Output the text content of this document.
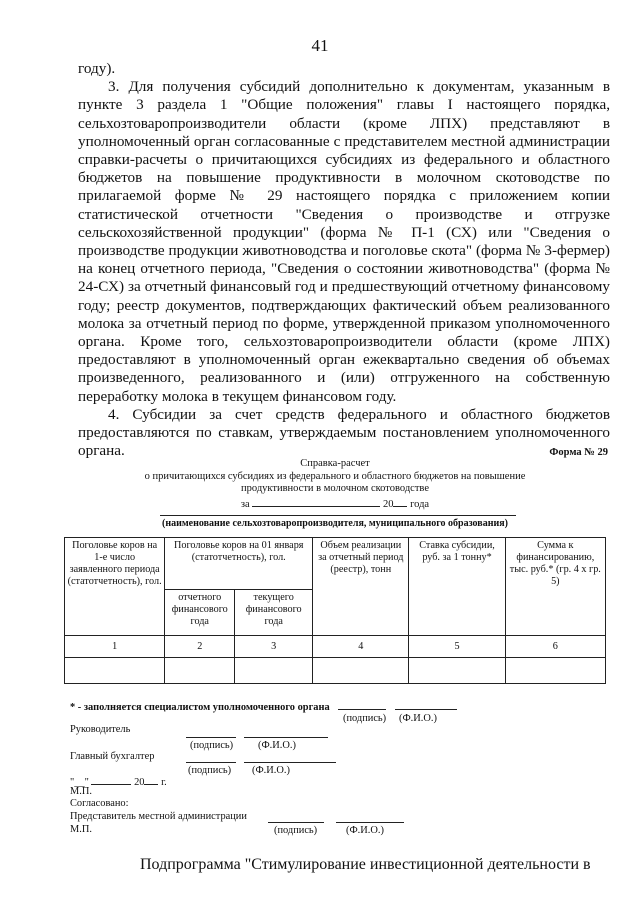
41

году).

3. Для получения субсидий дополнительно к документам, указанным в пункте 3 раздела 1 "Общие положения" главы I настоящего порядка, сельхозтоваропроизводители области (кроме ЛПХ) представляют в уполномоченный орган согласованные с представителем местной администрации справки-расчеты о причитающихся субсидиях из федерального и областного бюджетов на повышение продуктивности в молочном скотоводстве по прилагаемой форме № 29 настоящего порядка с приложением копии статистической отчетности "Сведения о производстве и отгрузке сельскохозяйственной продукции" (форма № П-1 (СХ) или "Сведения о производстве продукции животноводства и поголовье скота" (форма № 3-фермер) на конец отчетного периода, "Сведения о состоянии животноводства" (форма № 24-СХ) за отчетный финансовый год и предшествующий отчетному финансовому году; реестр документов, подтверждающих фактический объем реализованного молока за отчетный период по форме, утвержденной приказом уполномоченного органа. Кроме того, сельхозтоваропроизводители области (кроме ЛПХ) предоставляют в уполномоченный орган ежеквартально сведения об объемах произведенного, реализованного и (или) отгруженного на собственную переработку молока в текущем финансовом году.

4. Субсидии за счет средств федерального и областного бюджетов предоставляются по ставкам, утверждаемым постановлением уполномоченного органа.	Форма № 29
Справка-расчет
о причитающихся субсидиях из федерального и областного бюджетов на повышение
продуктивности в молочном скотоводстве
за	20 года
(наименование сельхозтоваропроизводителя, муниципального образования)
Поголовье коров на 1-е число заявленного периода (статотчетность), гол.	Поголовье коров на 01 января (статотчетность), гол.		Объем реализации за отчетный период (реестр), тонн	Ставка субсидии, руб. за 1 тонну*	Сумма к финансированию, тыс. руб.* (гр. 4 х гр. 5)
	отчетного финансового года	текущего финансового года			
1	2	3	4	5	6

* - заполняется специалистом уполномоченного органа
(подпись) (Ф.И.О.)
Руководитель
(подпись) (Ф.И.О.)
Главный бухгалтер
(подпись) (Ф.И.О.)
"__"	20 г.
М.П.
Согласовано:
Представитель местной администрации
М.П.	(подпись)	(Ф.И.О.)
Подпрограмма "Стимулирование инвестиционной деятельности в
